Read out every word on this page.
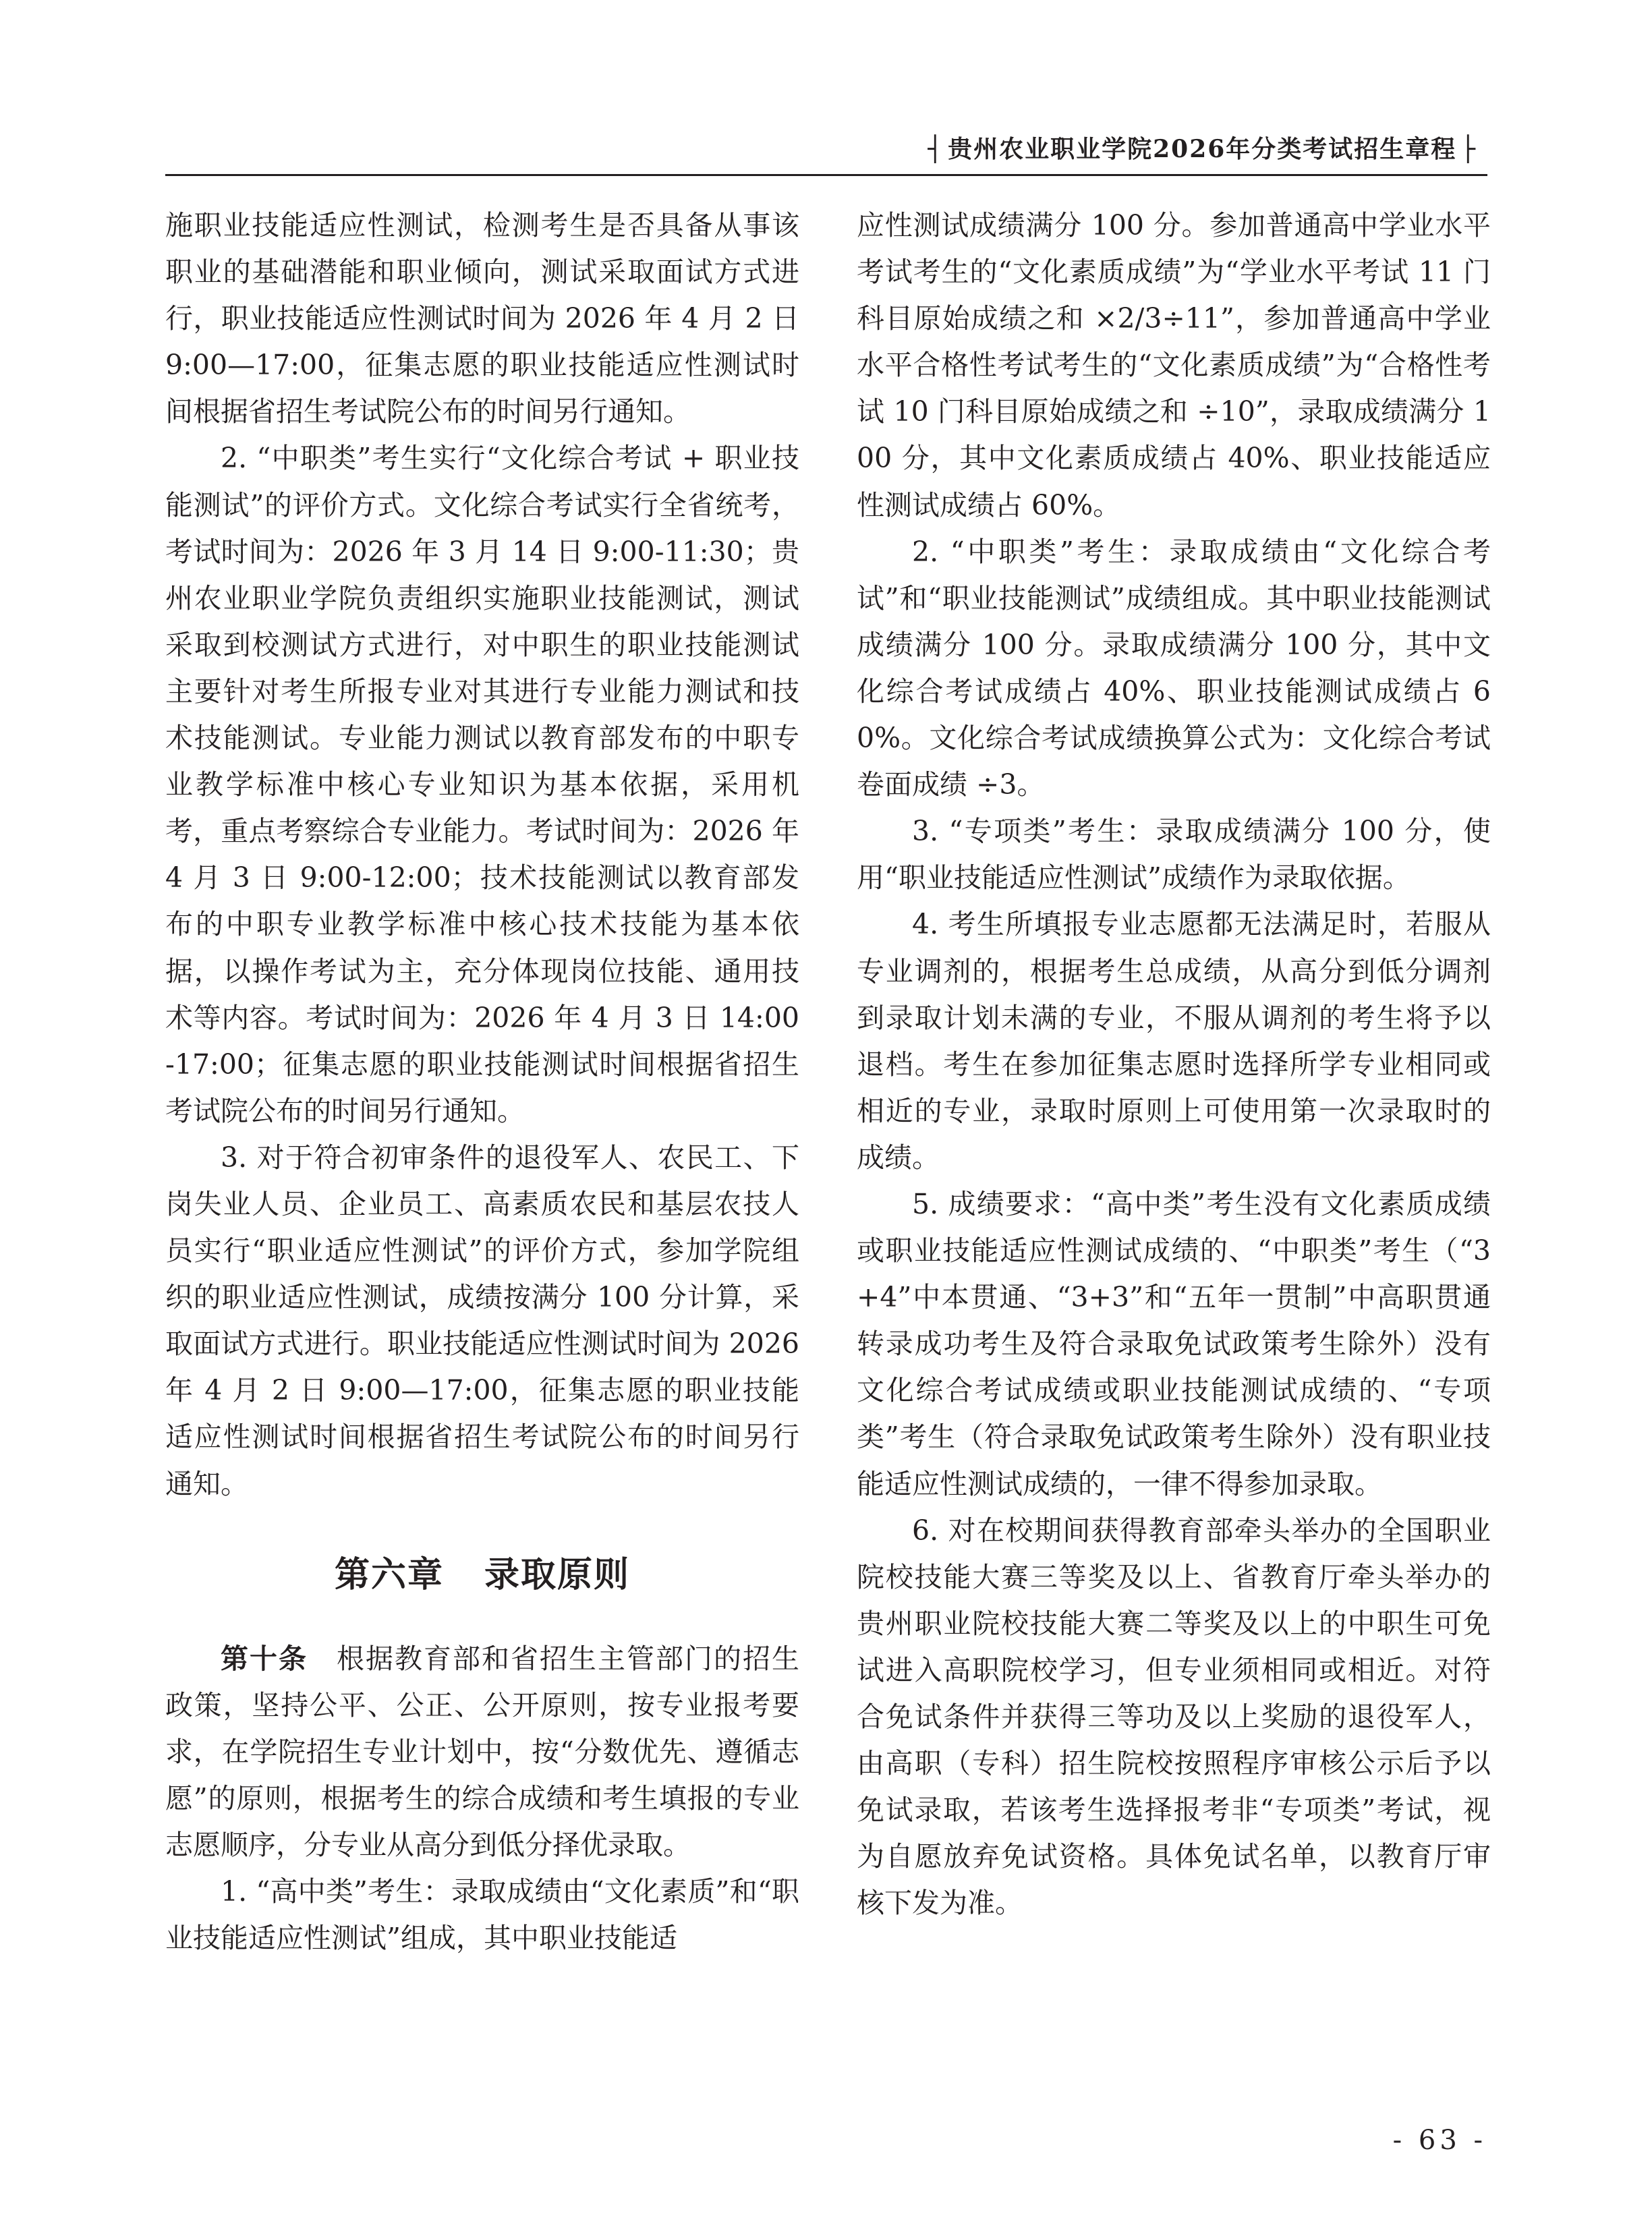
┤ 贵州农业职业学院2026年分类考试招生章程 ├

施职业技能适应性测试，检测考生是否具备从事该职业的基础潜能和职业倾向，测试采取面试方式进行，职业技能适应性测试时间为 2026 年 4 月 2 日 9:00—17:00，征集志愿的职业技能适应性测试时间根据省招生考试院公布的时间另行通知。

2. “中职类”考生实行“文化综合考试 + 职业技能测试”的评价方式。文化综合考试实行全省统考，考试时间为：2026 年 3 月 14 日 9:00-11:30；贵州农业职业学院负责组织实施职业技能测试，测试采取到校测试方式进行，对中职生的职业技能测试主要针对考生所报专业对其进行专业能力测试和技术技能测试。专业能力测试以教育部发布的中职专业教学标准中核心专业知识为基本依据，采用机考，重点考察综合专业能力。考试时间为：2026 年 4 月 3 日 9:00-12:00；技术技能测试以教育部发布的中职专业教学标准中核心技术技能为基本依据，以操作考试为主，充分体现岗位技能、通用技术等内容。考试时间为：2026 年 4 月 3 日 14:00-17:00；征集志愿的职业技能测试时间根据省招生考试院公布的时间另行通知。

3. 对于符合初审条件的退役军人、农民工、下岗失业人员、企业员工、高素质农民和基层农技人员实行“职业适应性测试”的评价方式，参加学院组织的职业适应性测试，成绩按满分 100 分计算，采取面试方式进行。职业技能适应性测试时间为 2026 年 4 月 2 日 9:00—17:00，征集志愿的职业技能适应性测试时间根据省招生考试院公布的时间另行通知。

第六章 录取原则

第十条　 根据教育部和省招生主管部门的招生政策，坚持公平、公正、公开原则，按专业报考要求，在学院招生专业计划中，按“分数优先、遵循志愿”的原则，根据考生的综合成绩和考生填报的专业志愿顺序，分专业从高分到低分择优录取。

1. “高中类”考生：录取成绩由“文化素质”和“职业技能适应性测试”组成，其中职业技能适

应性测试成绩满分 100 分。参加普通高中学业水平考试考生的“文化素质成绩”为“学业水平考试 11 门科目原始成绩之和 ×2/3÷11”，参加普通高中学业水平合格性考试考生的“文化素质成绩”为“合格性考试 10 门科目原始成绩之和 ÷10”，录取成绩满分 100 分，其中文化素质成绩占 40%、职业技能适应性测试成绩占 60%。

2. “中职类”考生：录取成绩由“文化综合考试”和“职业技能测试”成绩组成。其中职业技能测试成绩满分 100 分。录取成绩满分 100 分，其中文化综合考试成绩占 40%、职业技能测试成绩占 60%。文化综合考试成绩换算公式为：文化综合考试卷面成绩 ÷3。

3. “专项类”考生：录取成绩满分 100 分，使用“职业技能适应性测试”成绩作为录取依据。

4. 考生所填报专业志愿都无法满足时，若服从专业调剂的，根据考生总成绩，从高分到低分调剂到录取计划未满的专业，不服从调剂的考生将予以退档。考生在参加征集志愿时选择所学专业相同或相近的专业，录取时原则上可使用第一次录取时的成绩。

5. 成绩要求：“高中类”考生没有文化素质成绩或职业技能适应性测试成绩的、“中职类”考生（“3+4”中本贯通、“3+3”和“五年一贯制”中高职贯通转录成功考生及符合录取免试政策考生除外）没有文化综合考试成绩或职业技能测试成绩的、“专项类”考生（符合录取免试政策考生除外）没有职业技能适应性测试成绩的，一律不得参加录取。

6. 对在校期间获得教育部牵头举办的全国职业院校技能大赛三等奖及以上、省教育厅牵头举办的贵州职业院校技能大赛二等奖及以上的中职生可免试进入高职院校学习，但专业须相同或相近。对符合免试条件并获得三等功及以上奖励的退役军人，由高职（专科）招生院校按照程序审核公示后予以免试录取，若该考生选择报考非“专项类”考试，视为自愿放弃免试资格。具体免试名单，以教育厅审核下发为准。

- 63 -
